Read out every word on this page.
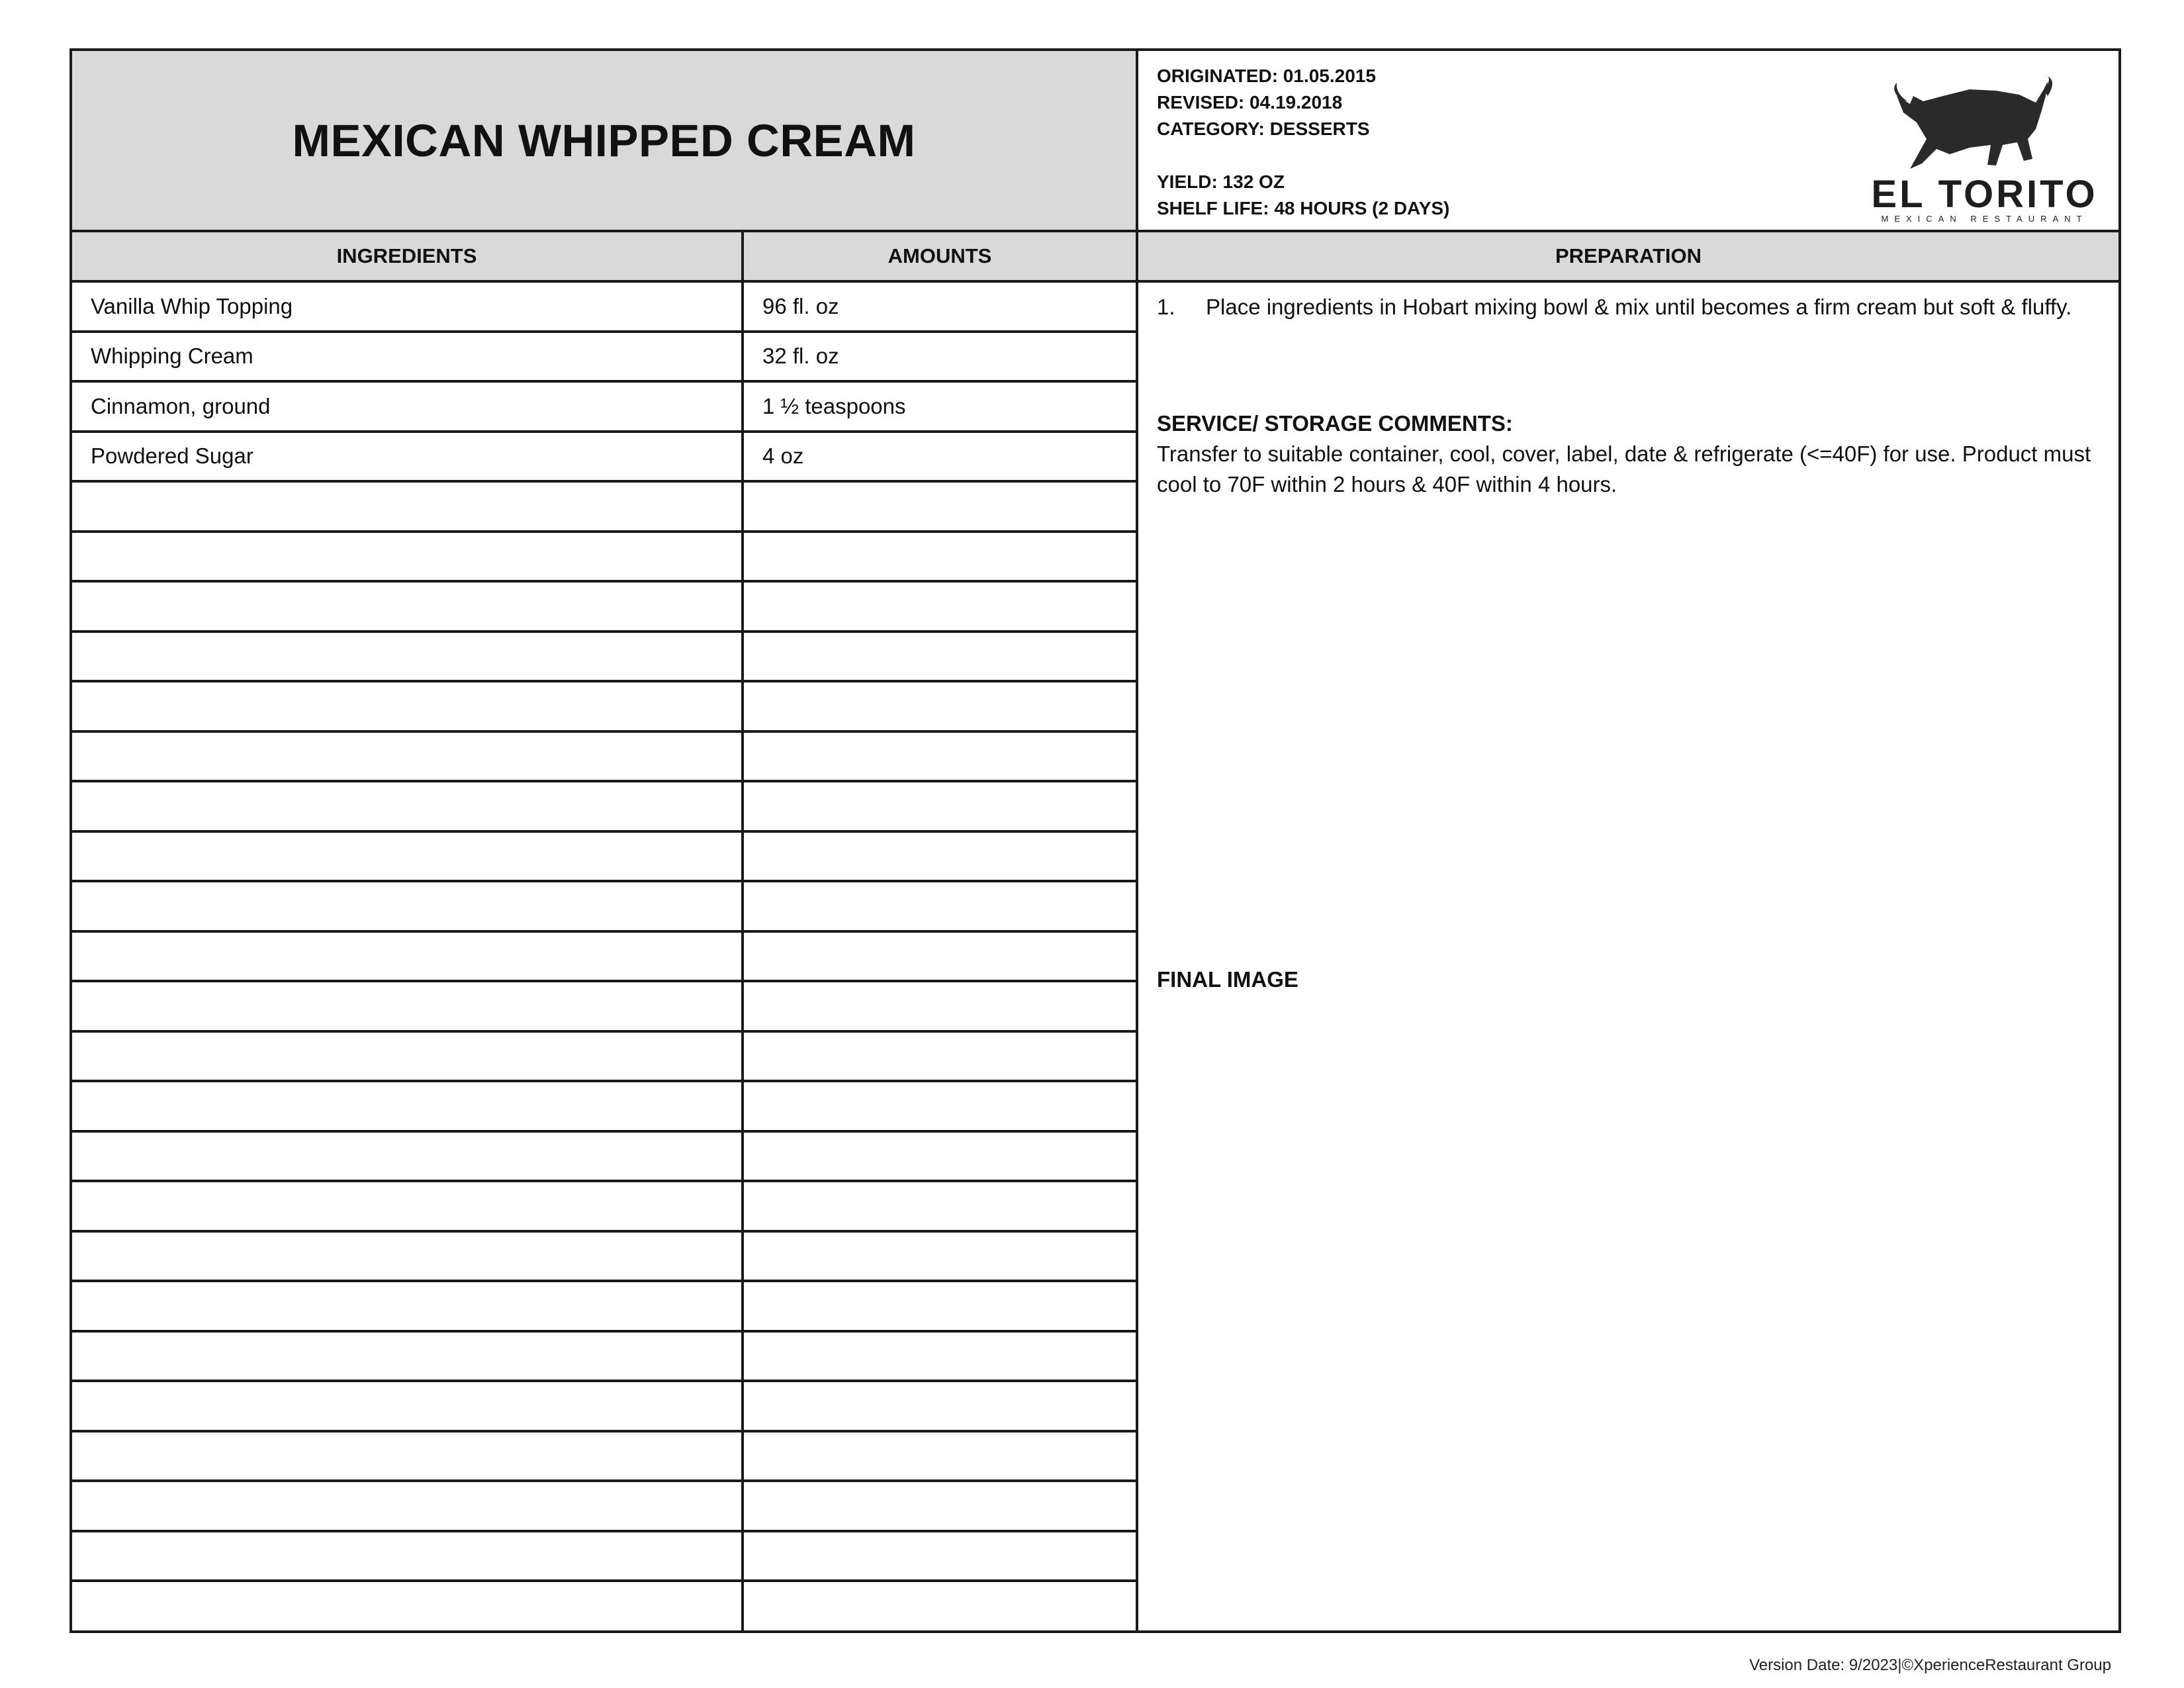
MEXICAN WHIPPED CREAM
ORIGINATED: 01.05.2015
REVISED: 04.19.2018
CATEGORY: DESSERTS
YIELD: 132 OZ
SHELF LIFE: 48 HOURS (2 DAYS)	EL TORITO
MEXICAN RESTAURANT
INGREDIENTS	AMOUNTS	PREPARATION
Vanilla Whip Topping	96 fl. oz
Whipping Cream	32 fl. oz
Cinnamon, ground	1 ½ teaspoons
Powdered Sugar	4 oz
1. Place ingredients in Hobart mixing bowl & mix until becomes a firm cream but soft & fluffy.
SERVICE/ STORAGE COMMENTS:
Transfer to suitable container, cool, cover, label, date & refrigerate (<=40F) for use. Product must cool to 70F within 2 hours & 40F within 4 hours.
FINAL IMAGE
Version Date: 9/2023|©XperienceRestaurant Group
